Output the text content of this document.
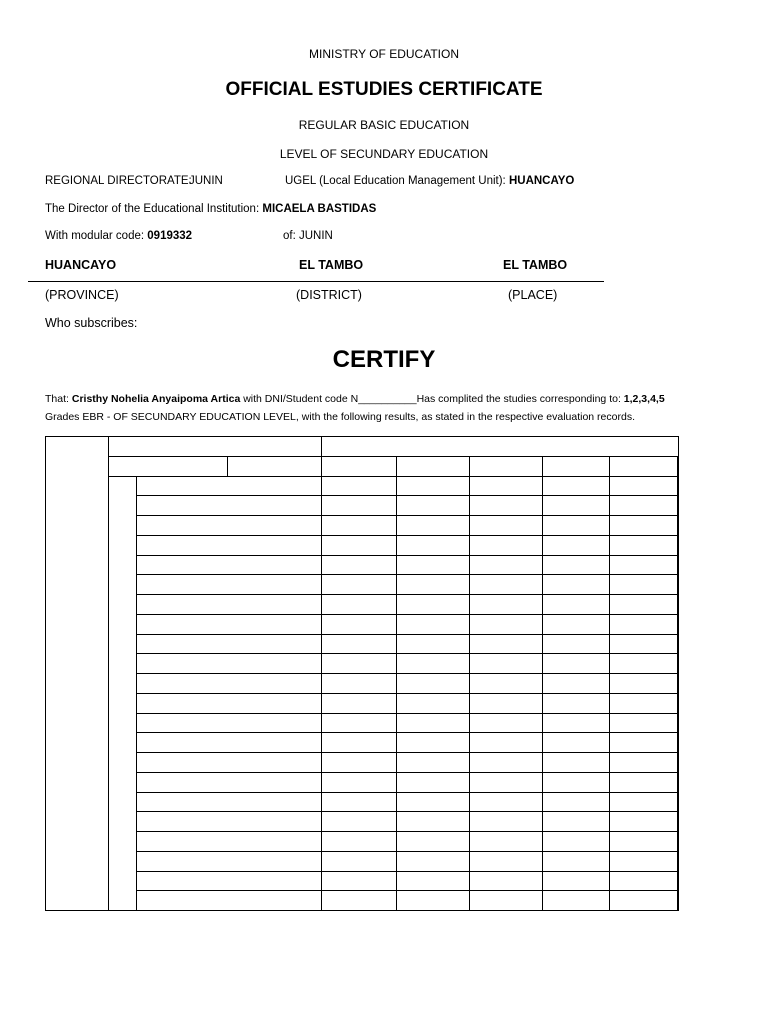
MINISTRY OF EDUCATION
OFFICIAL ESTUDIES CERTIFICATE
REGULAR BASIC EDUCATION
LEVEL OF SECUNDARY EDUCATION
REGIONAL DIRECTORATE:
JUNIN	UGEL (Local Education Management Unit): HUANCAYO
The Director of the Educational Institution: MICAELA BASTIDAS
With modular code: 0919332	of: JUNIN
HUANCAYO	EL TAMBO	EL TAMBO
(PROVINCE)	(DISTRICT)	(PLACE)
Who subscribes:
CERTIFY
That: Cristhy Nohelia Anyaipoma Artica with DNI/Student code N__________Has complited the studies corresponding to: 1,2,3,4,5
Grades EBR - OF SECUNDARY EDUCATION LEVEL, with the following results, as stated in the respective evaluation records.
